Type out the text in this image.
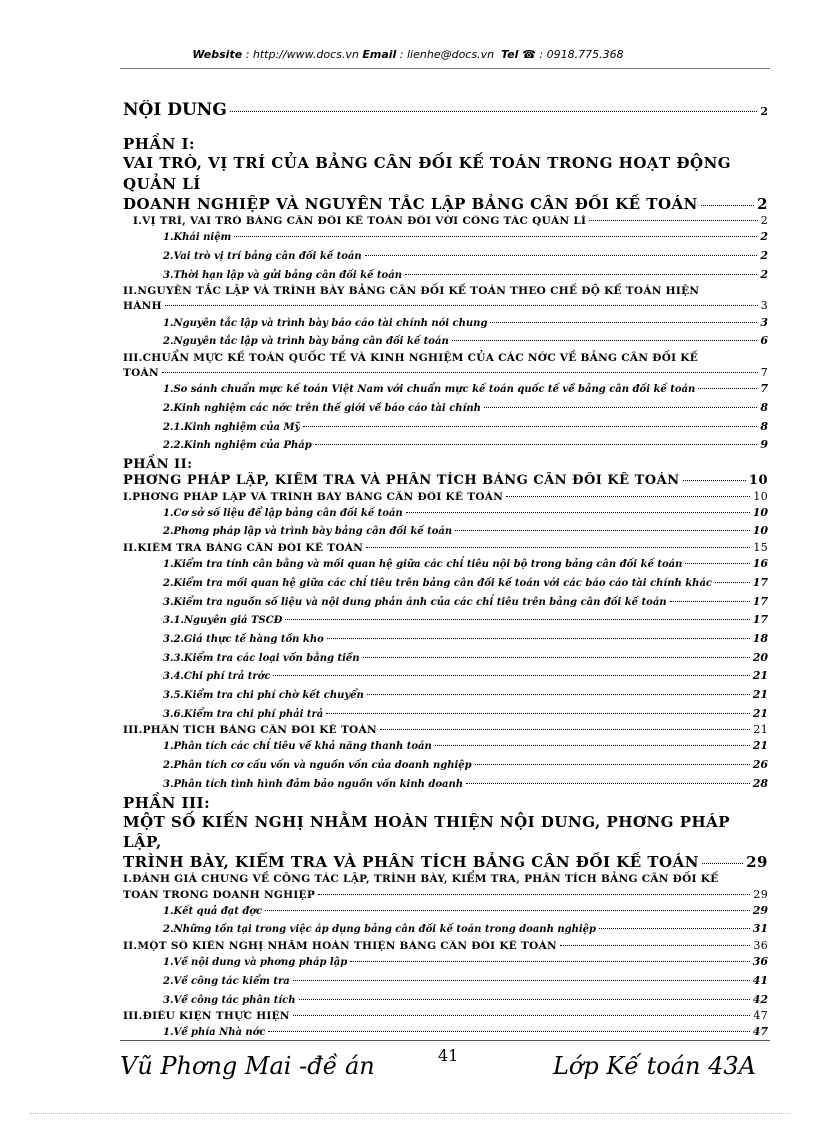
Website : http://www.docs.vn Email : lienhe@docs.vn Tel ☎ : 0918.775.368
NỘI DUNG	2
PHẦN I:
VAI TRÒ, VỊ TRÍ CỦA BẢNG CÂN ĐỐI KẾ TOÁN TRONG HOẠT ĐỘNG QUẢN LÍ
DOANH NGHIỆP VÀ NGUYÊN TẮC LẬP BẢNG CÂN ĐỐI KẾ TOÁN	2
I.VỊ TRÍ, VAI TRÒ BẢNG CÂN ĐỐI KẾ TOÁN ĐỐI VỚI CÔNG TÁC QUẢN LÍ	2
1.Khái niệm	2
2.Vai trò vị trí bảng cân đối kế toán	2
3.Thời hạn lập và gửi bảng cân đối kế toán	2
II.NGUYÊN TẮC LẬP VÀ TRÌNH BÀY BẢNG CÂN ĐỐI KẾ TOÁN THEO CHẾ ĐỘ KẾ TOÁN HIỆN
HÀNH	3
1.Nguyên tắc lập và trình bày báo cáo tài chính nói chung	3
2.Nguyên tắc lập và trình bày bảng cân đối kế toán	6
III.CHUẨN MỰC KẾ TOÁN QUỐC TẾ VÀ KINH NGHIỆM CỦA CÁC NỚC VỀ BẢNG CÂN ĐỐI KẾ
TOÁN	7
1.So sánh chuẩn mực kế toán Việt Nam với chuẩn mực kế toán quốc tế về bảng cân đối kế toán	7
2.Kinh nghiệm các nớc trên thế giới về báo cáo tài chính	8
2.1.Kinh nghiệm của Mỹ	8
2.2.Kinh nghiệm của Pháp	9
PHẦN II:
PHƠNG PHÁP LẬP, KIỂM TRA VÀ PHÂN TÍCH BẢNG CÂN ĐỐI KẾ TOÁN	10
I.PHƠNG PHÁP LẬP VÀ TRÌNH BÀY BẢNG CÂN ĐỐI KẾ TOÁN	10
1.Cơ sở số liệu để lập bảng cân đối kế toán	10
2.Phơng pháp lập và trình bày bảng cân đối kế toán	10
II.KIỂM TRA BẢNG CÂN ĐỐI KẾ TOÁN	15
1.Kiểm tra tính cân bằng và mối quan hệ giữa các chỉ tiêu nội bộ trong bảng cân đối kế toán	16
2.Kiểm tra mối quan hệ giữa các chỉ tiêu trên bảng cân đối kế toán với các báo cáo tài chính khác	17
3.Kiểm tra nguồn số liệu và nội dung phản ánh của các chỉ tiêu trên bảng cân đối kế toán	17
3.1.Nguyên giá TSCĐ	17
3.2.Giá thực tế hàng tồn kho	18
3.3.Kiểm tra các loại vốn bằng tiền	20
3.4.Chi phí trả trớc	21
3.5.Kiểm tra chi phí chờ kết chuyển	21
3.6.Kiểm tra chi phí phải trả	21
III.PHÂN TÍCH BẢNG CÂN ĐỐI KẾ TOÁN	21
1.Phân tích các chỉ tiêu về khả năng thanh toán	21
2.Phân tích cơ cấu vốn và nguồn vốn của doanh nghiệp	26
3.Phân tích tình hình đảm bảo nguồn vốn kinh doanh	28
PHẦN III:
MỘT SỐ KIẾN NGHỊ NHẰM HOÀN THIỆN NỘI DUNG, PHƠNG PHÁP LẬP,
TRÌNH BÀY, KIỂM TRA VÀ PHÂN TÍCH BẢNG CÂN ĐỐI KẾ TOÁN	29
I.ĐÁNH GIÁ CHUNG VỀ CÔNG TÁC LẬP, TRÌNH BÀY, KIỂM TRA, PHÂN TÍCH BẢNG CÂN ĐỐI KẾ
TOÁN TRONG DOANH NGHIỆP	29
1.Kết quả đạt đợc	29
2.Những tồn tại trong việc áp dụng bảng cân đối kế toán trong doanh nghiệp	31
II.MỘT SỐ KIẾN NGHỊ NHẰM HOÀN THIỆN BẢNG CÂN ĐỐI KẾ TOÁN	36
1.Về nội dung và phơng pháp lập	36
2.Về công tác kiểm tra	41
3.Về công tác phân tích	42
III.ĐIỀU KIỆN THỰC HIỆN	47
1.Về phía Nhà nớc	47
Vũ Phơng Mai -đề án	41	Lớp Kế toán 43A
